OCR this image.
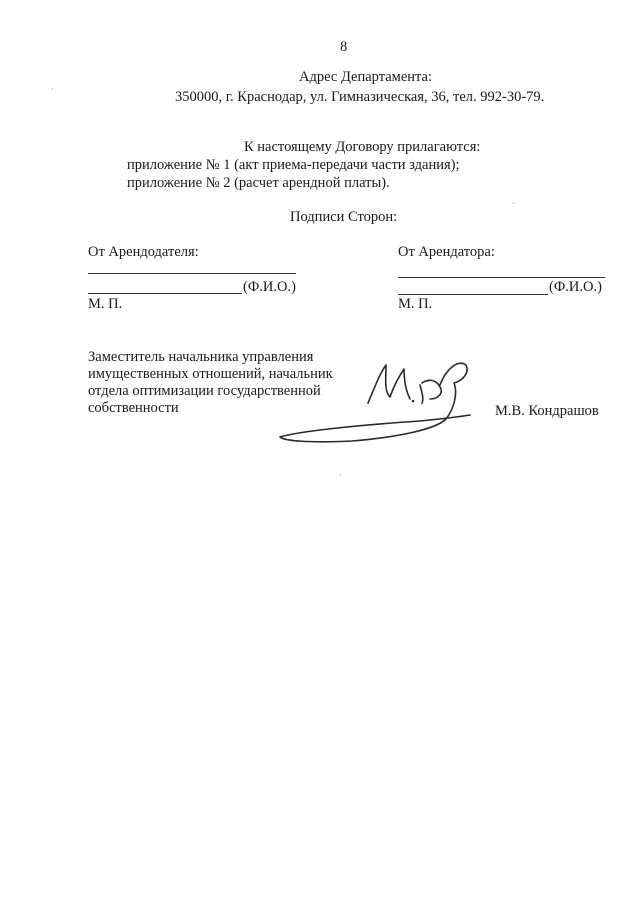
8
Адрес Департамента:
350000, г. Краснодар, ул. Гимназическая, 36, тел. 992-30-79.
К настоящему Договору прилагаются:
приложение № 1 (акт приема-передачи части здания);
приложение № 2 (расчет арендной платы).
Подписи Сторон:
От Арендодателя:
(Ф.И.О.)
М. П.
От Арендатора:
(Ф.И.О.)
М. П.
Заместитель начальника управления
имущественных отношений, начальник
отдела оптимизации государственной
собственности	М.В. Кондрашов
